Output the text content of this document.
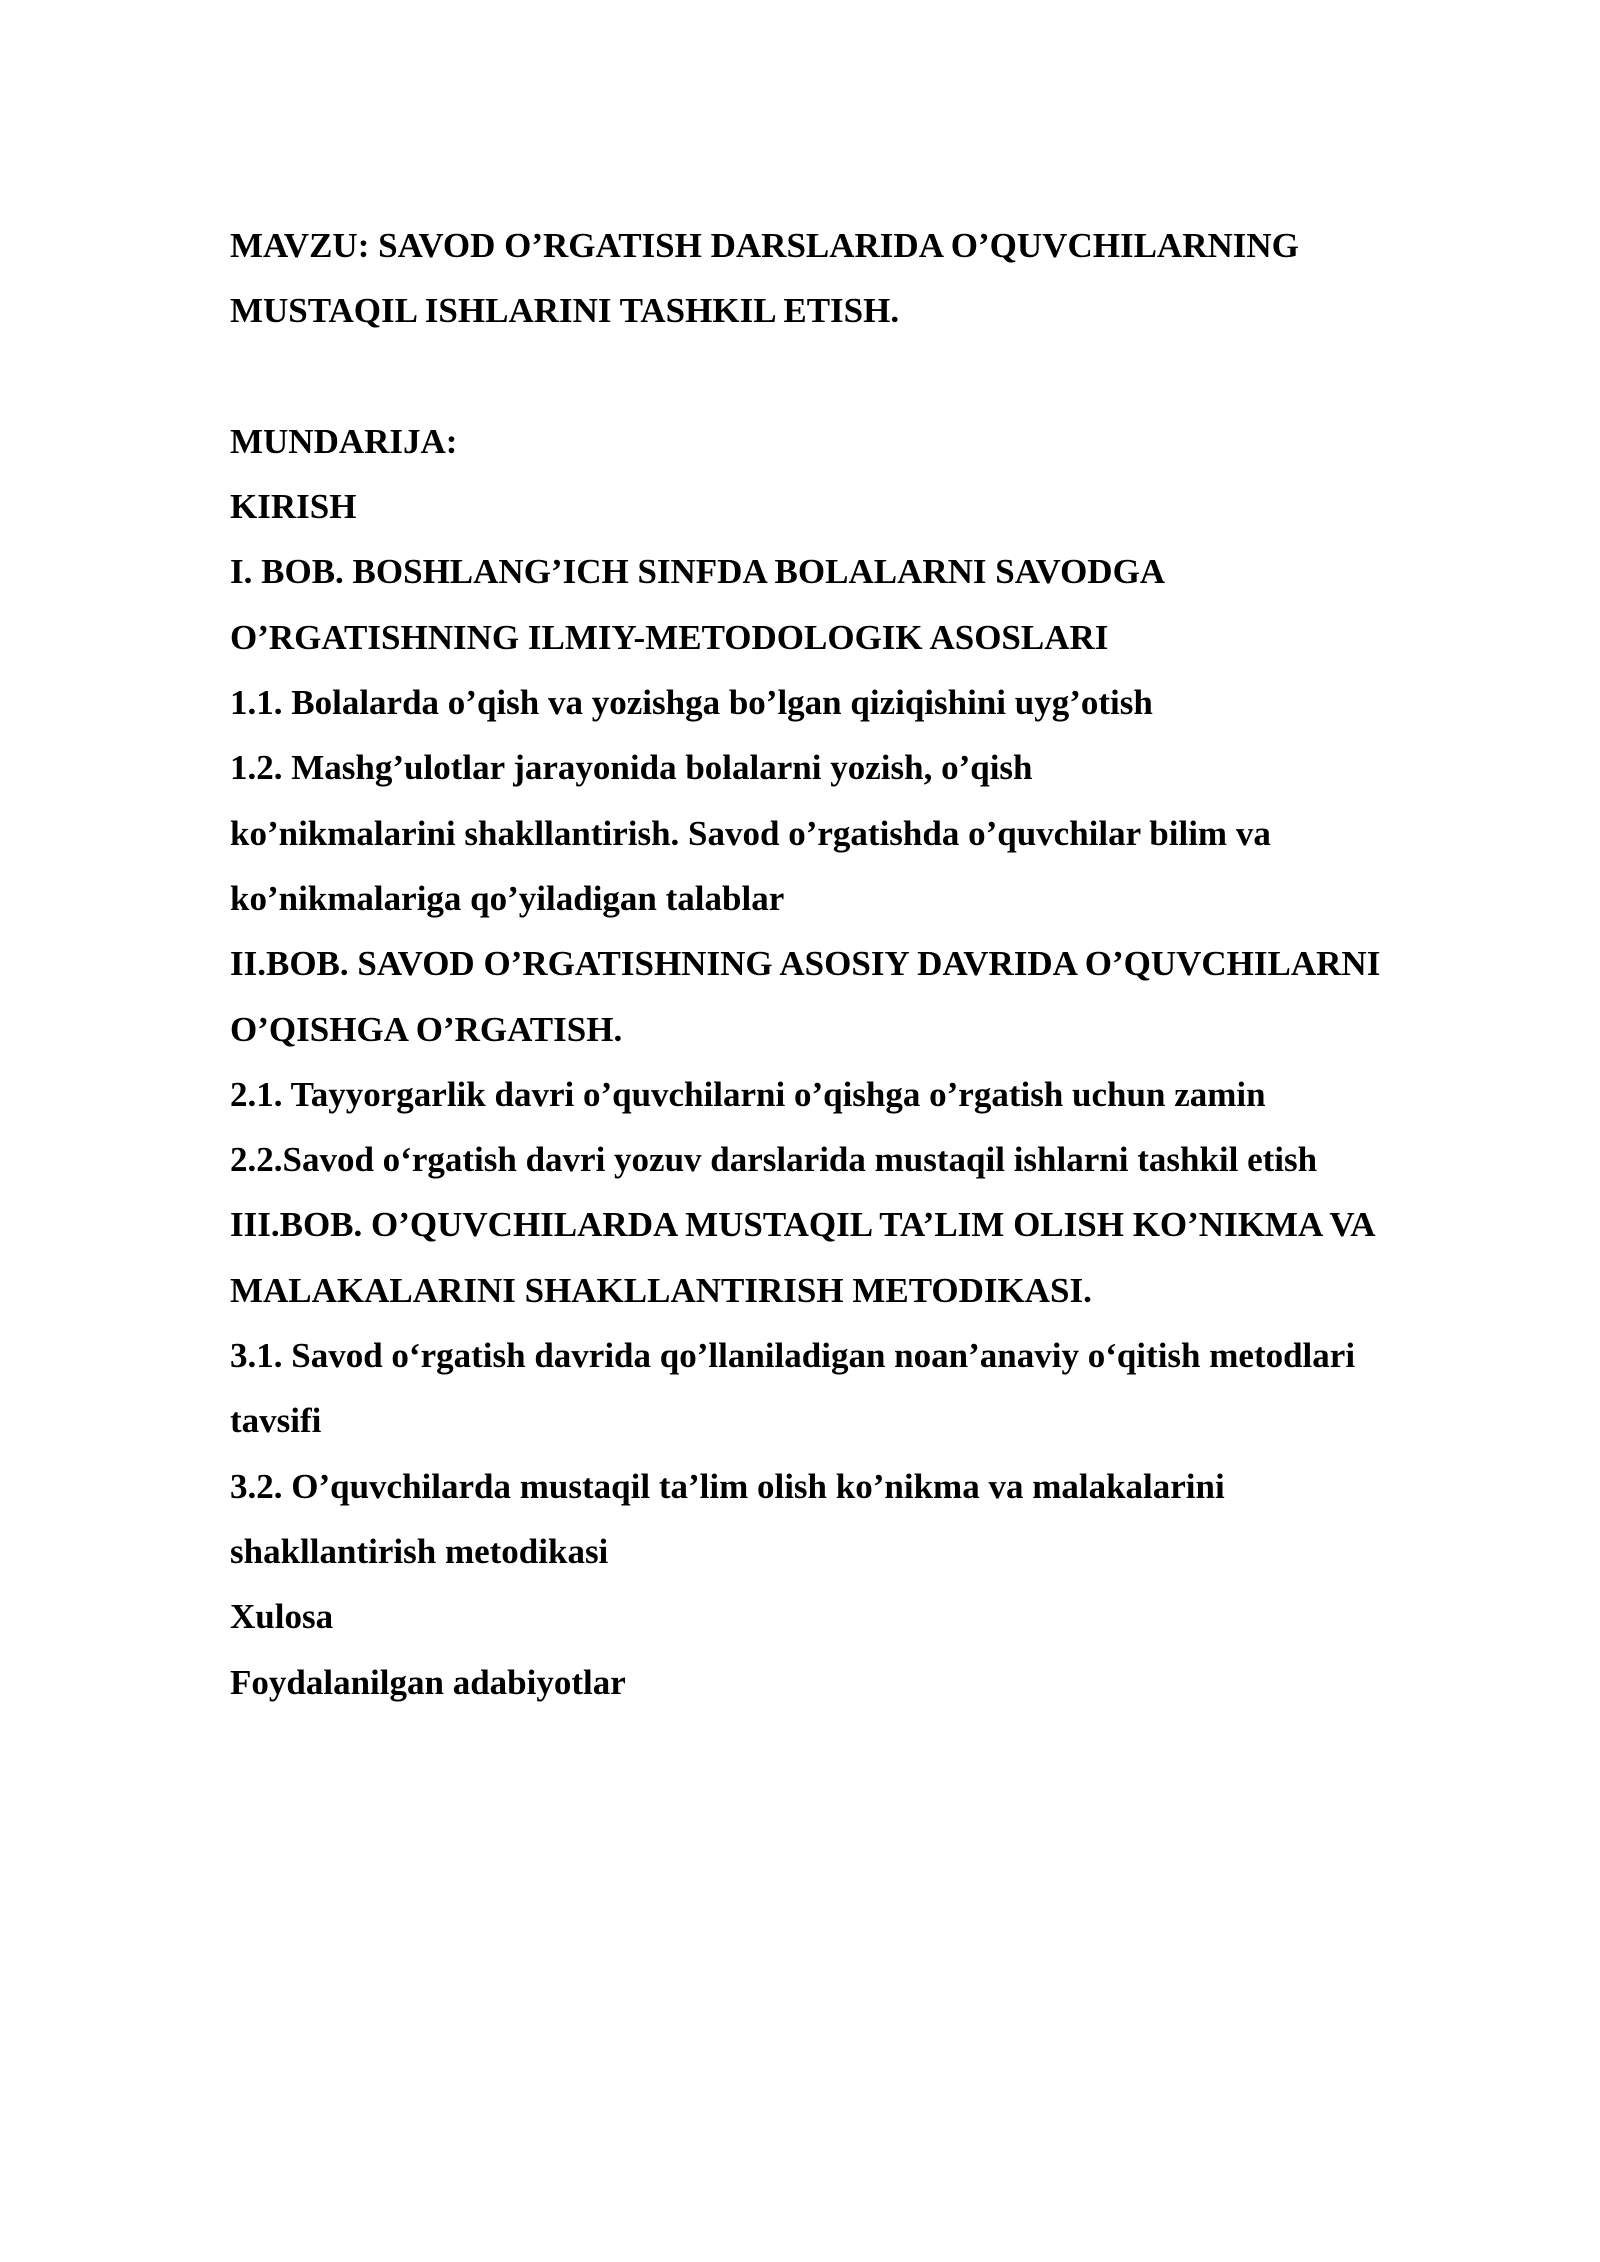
MAVZU: SAVOD O’RGATISH DARSLARIDA O’QUVCHILARNING
MUSTAQIL ISHLARINI TASHKIL ETISH.
MUNDARIJA:
KIRISH
I. BOB. BOSHLANG’ICH SINFDA BOLALARNI SAVODGA
O’RGATISHNING ILMIY-METODOLOGIK ASOSLARI
1.1. Bolalarda o’qish va yozishga bo’lgan qiziqishini uyg’otish
1.2. Mashg’ulotlar jarayonida bolalarni yozish, o’qish
ko’nikmalarini shakllantirish. Savod o’rgatishda o’quvchilar bilim va
ko’nikmalariga qo’yiladigan talablar
II.BOB. SAVOD O’RGATISHNING ASOSIY DAVRIDA O’QUVCHILARNI
O’QISHGA O’RGATISH.
2.1. Tayyorgarlik davri o’quvchilarni o’qishga o’rgatish uchun zamin
2.2.Savod o‘rgatish davri yozuv darslarida mustaqil ishlarni tashkil etish
III.BOB. O’QUVCHILARDA MUSTAQIL TA’LIM OLISH KO’NIKMA VA
MALAKALARINI SHAKLLANTIRISH METODIKASI.
3.1. Savod o‘rgatish davrida qo’llaniladigan noan’anaviy o‘qitish metodlari
tavsifi
3.2. O’quvchilarda mustaqil ta’lim olish ko’nikma va malakalarini
shakllantirish metodikasi
Xulosa
Foydalanilgan adabiyotlar
